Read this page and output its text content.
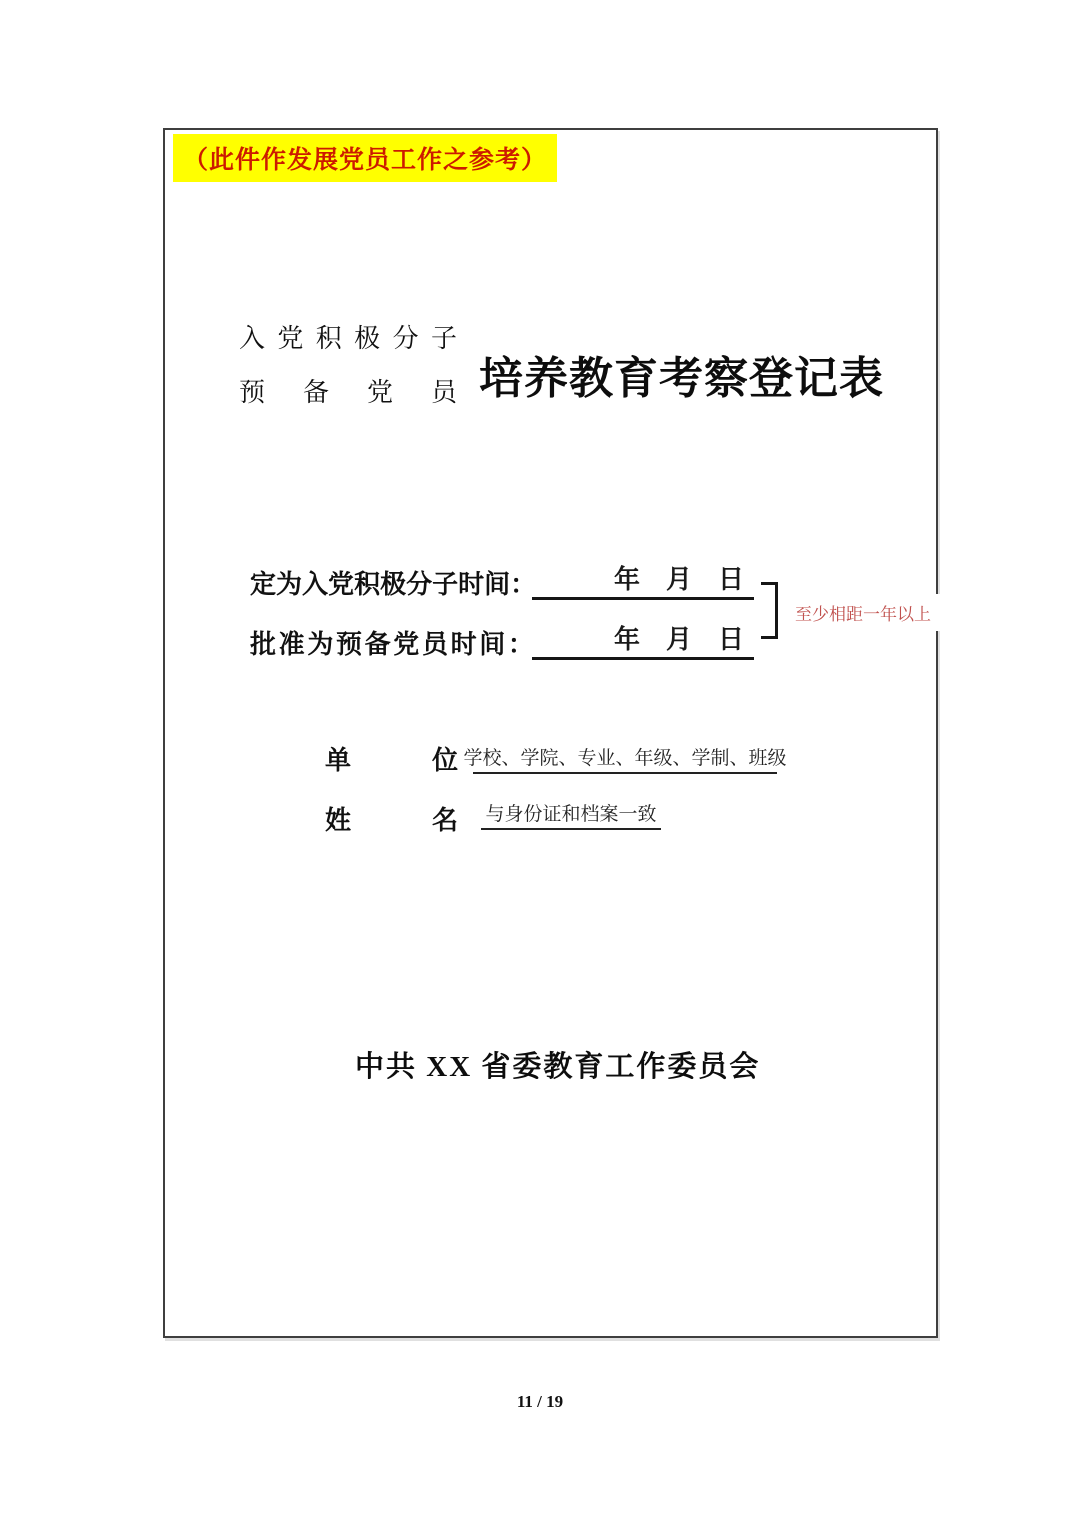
（此件作发展党员工作之参考）
入 党 积 极 分 子
预 备 党 员 培养教育考察登记表
定 为 入 党 积 极 分 子 时 间 ：	年　月　日
批 准 为 预 备 党 员 时 间 ：	年　月　日
至少相距一年以上
单	位 学校、学院、专业、年级、学制、班级
姓	名 与身份证和档案一致
中共 XX 省委教育工作委员会
11 / 19
